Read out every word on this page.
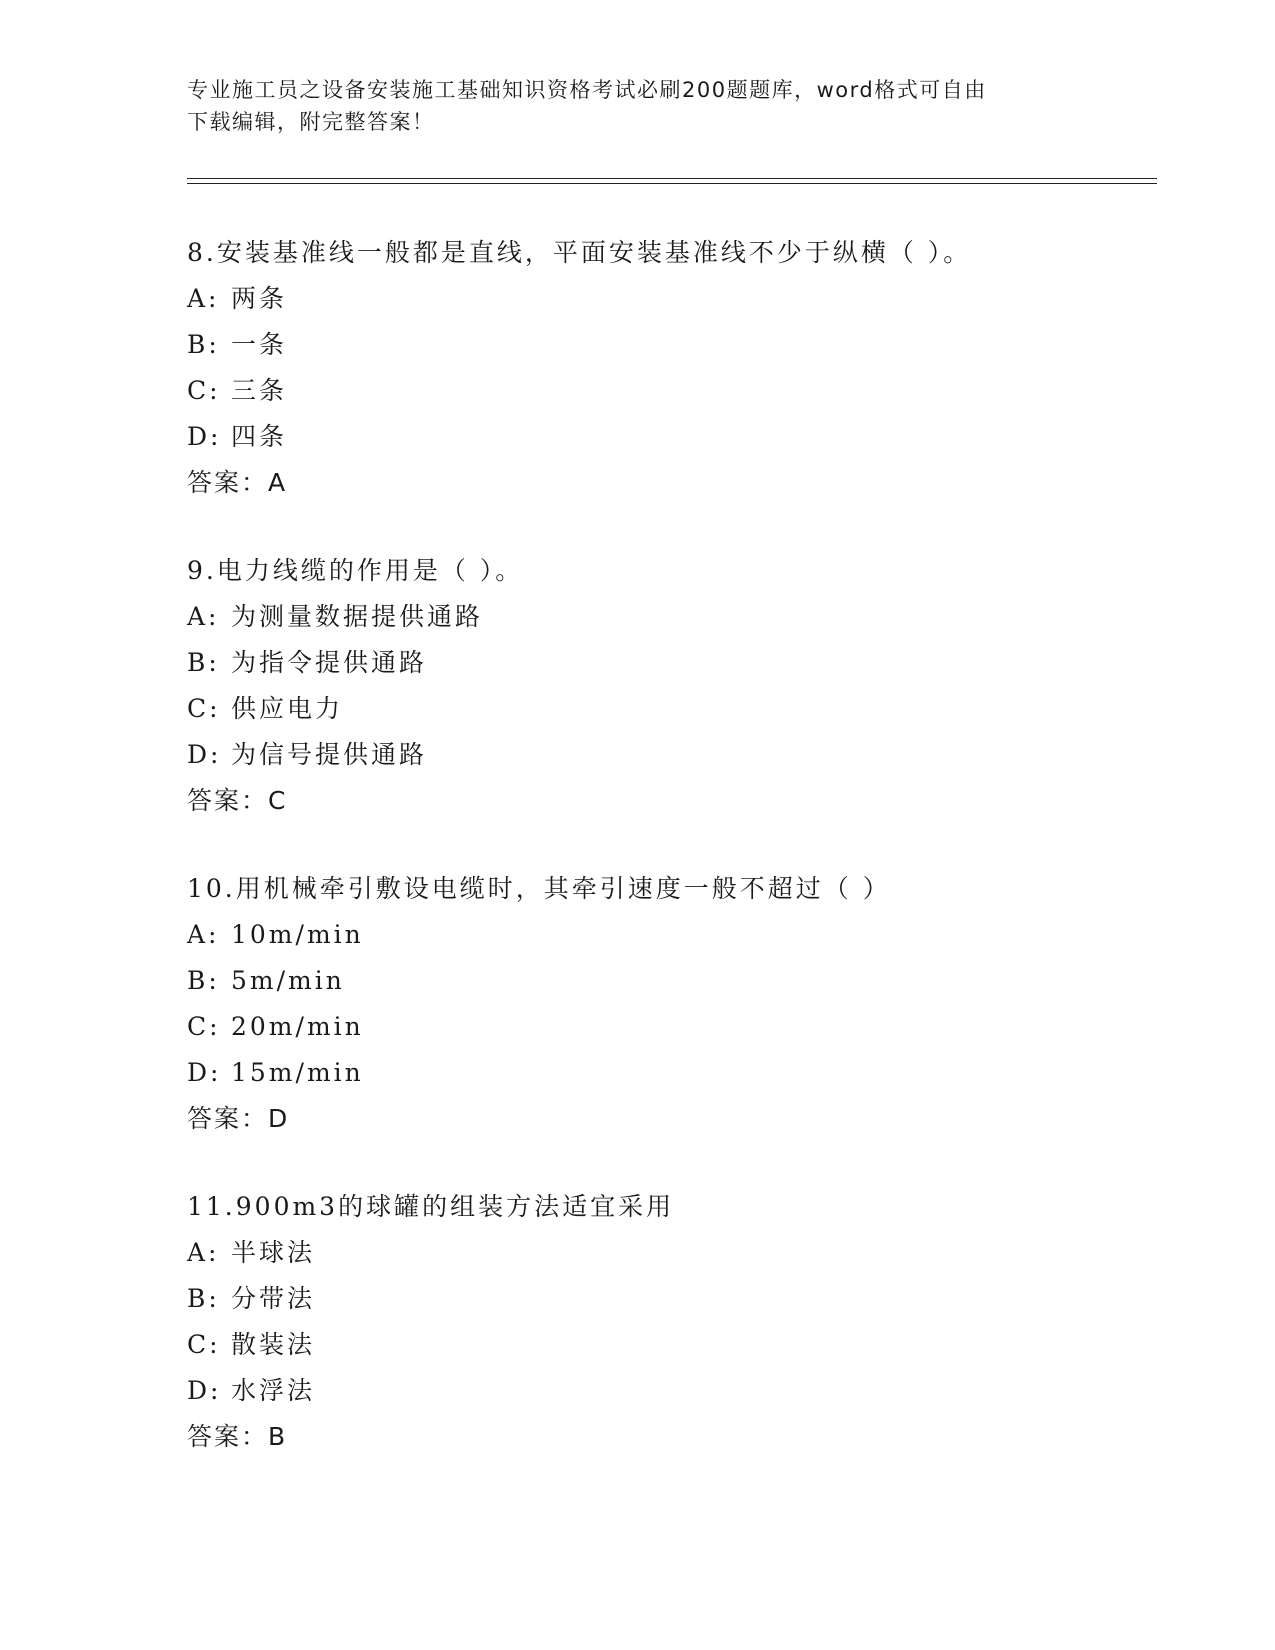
专业施工员之设备安装施工基础知识资格考试必刷200题题库，word格式可自由
下载编辑，附完整答案！
8.安装基准线一般都是直线，平面安装基准线不少于纵横（ ）。
A: 两条
B: 一条
C: 三条
D: 四条
答案：A
9.电力线缆的作用是（ ）。
A: 为测量数据提供通路
B: 为指令提供通路
C: 供应电力
D: 为信号提供通路
答案：C
10.用机械牵引敷设电缆时，其牵引速度一般不超过（ ）
A: 10m/min
B: 5m/min
C: 20m/min
D: 15m/min
答案：D
11.900m3的球罐的组装方法适宜采用
A: 半球法
B: 分带法
C: 散装法
D: 水浮法
答案：B
